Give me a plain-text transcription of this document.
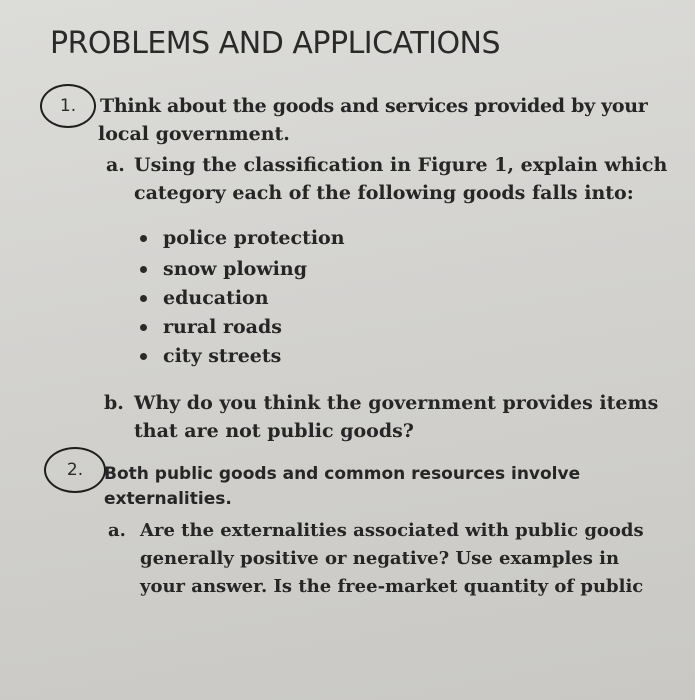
PROBLEMS AND APPLICATIONS
1. Think about the goods and services provided by your
local government.
a. Using the classification in Figure 1, explain which
category each of the following goods falls into:
police protection
snow plowing
education
rural roads
city streets
b. Why do you think the government provides items
that are not public goods?
2. Both public goods and common resources involve
externalities.
a. Are the externalities associated with public goods
generally positive or negative? Use examples in
your answer. Is the free-market quantity of public
